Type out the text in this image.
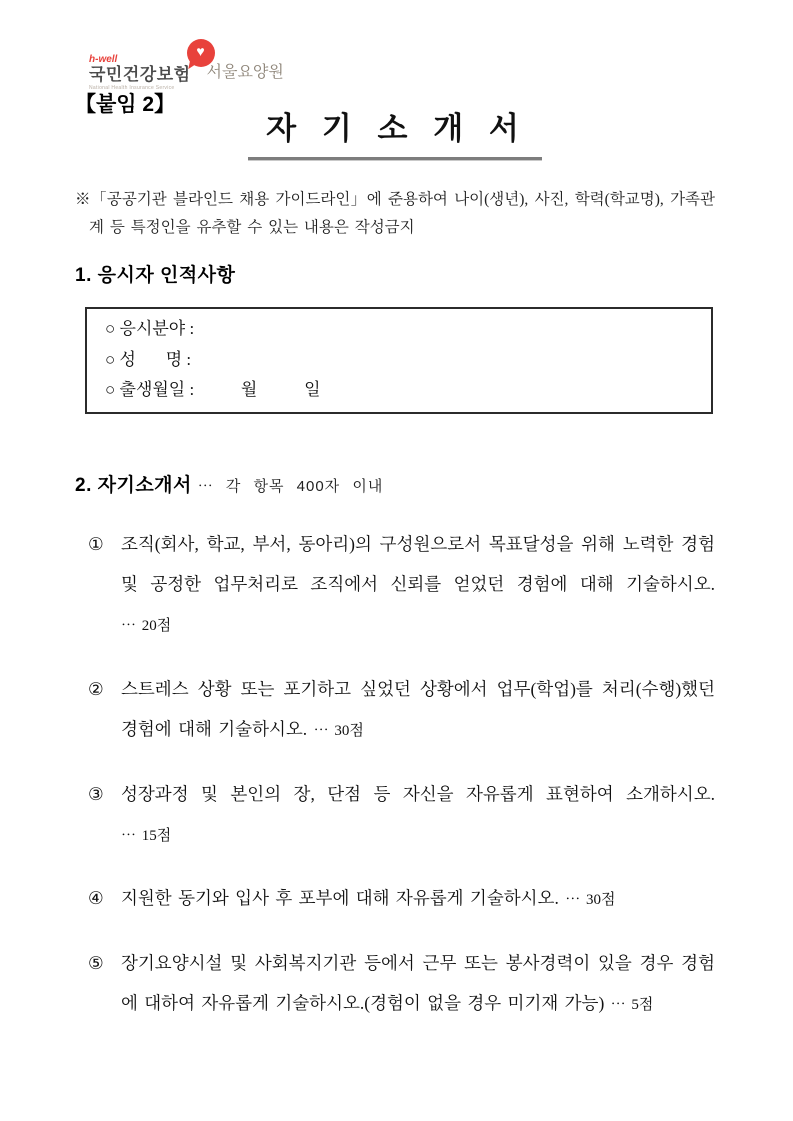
h-well
국민건강보험
National Health Insurance Service
♥
서울요양원
【붙임 2】
자 기 소 개 서

※「공공기관 블라인드 채용 가이드라인」에 준용하여 나이(생년), 사진, 학력(학교명), 가족관계 등 특정인을 유추할 수 있는 내용은 작성금지

1. 응시자 인적사항
○ 응시분야 :
○ 성       명 :
○ 출생월일 :           월           일
2. 자기소개서 ⋯ 각 항목 400자 이내
① 조직(회사, 학교, 부서, 동아리)의 구성원으로서 목표달성을 위해 노력한 경험 및 공정한 업무처리로 조직에서 신뢰를 얻었던 경험에 대해 기술하시오. ⋯ 20점
② 스트레스 상황 또는 포기하고 싶었던 상황에서 업무(학업)를 처리(수행)했던 경험에 대해 기술하시오. ⋯ 30점
③ 성장과정 및 본인의 장, 단점 등 자신을 자유롭게 표현하여 소개하시오. ⋯ 15점
④ 지원한 동기와 입사 후 포부에 대해 자유롭게 기술하시오. ⋯ 30점
⑤ 장기요양시설 및 사회복지기관 등에서 근무 또는 봉사경력이 있을 경우 경험에 대하여 자유롭게 기술하시오.(경험이 없을 경우 미기재 가능) ⋯ 5점
